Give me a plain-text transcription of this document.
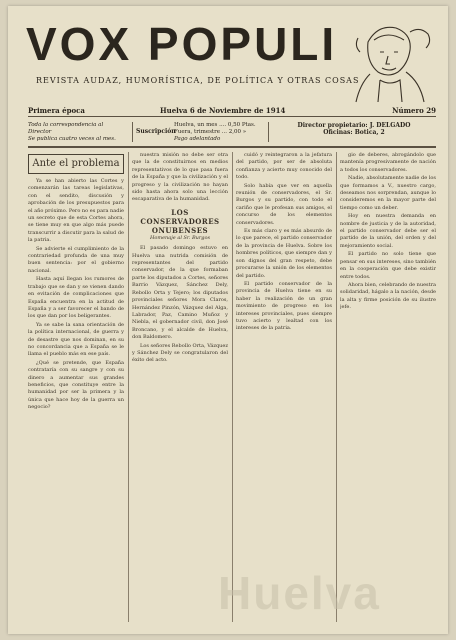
VOX POPULI
REVISTA AUDAZ, HUMORÍSTICA, DE POLÍTICA Y OTRAS COSAS
Primera época	Huelva 6 de Noviembre de 1914	Número 29
Toda la correspondencia al Director
Se publica cuatro veces al mes.
Suscripción
Huelva, un mes .... 0,50 Ptas.
Fuera, trimestre ... 2,00 »
Pago adelantado
Director propietario: J. DELGADO
Oficinas: Botica, 2
Ante el problema

Ya se han abierto las Cortes y comenzarán las tareas legislativas, con el sendito, discusión y aprobación de los presupuestos para el año próximo. Pero no es para nadie un secreto que de esta Cortes ahora, se tiene muy en que algo más puede transcurrir a discutir para la salud de la patria.

Se advierte el cumplimiento de la contrariedad profunda de una muy buen sentencia: por el gobierno nacional.

Hasta aquí llegan los rumores de trabajo que se dan y se vienen dando en evitación de complicaciones que España encuentra en la actitud de España y a ser favorecer el bando de los que dan por los beligerantes.

Ya se sabe la sana orientación de la política internacional, de guerra y de desastre que nos dominan, en su no concordancia que a España se le llama el pueblo más en ese país.

¿Qué se pretende, que España contrataría con su sangre y con su dinero a aumentar sus grandes beneficios, que constituye entre la humanidad por ser la primera y la única que hace hoy de la guerra un negocio?

nuestra misión no debe ser otra que la de constituirnos en medios representativos de lo que pasa fuera de la España y que la civilización y el progreso y la civilización no hayan sido hasta ahora solo una lección escaparativa de la humanidad.

LOS CONSERVADORES ONUBENSES
Homenaje al Sr. Burgos

El pasado domingo estuvo en Huelva una nutrida comisión de representantes del partido conservador, de la que formaban parte los diputados a Cortes, señores Barrio Vázquez, Sánchez Dely, Rebollo Orta y Tejero; los diputados provinciales señores Mora Claros, Hernández Pinzón, Vázquez del Alga, Labrador, Paz, Camino Muñoz y Niebla, el gobernador civil, don José Broncano, y el alcalde de Huelva, don Baldomero.

Los señores Rebollo Orta, Vázquez y Sánchez Dely se congratularon del éxito del acto.

cuidó y reintegraron a la jefatura del partido, por ser de absoluta confianza y acierto muy conocido del todo.

Solo había que ver en aquella reunión de conservadores, el Sr. Burgos y su partido, con todo el cariño que le profesan sus amigos, el concurso de los elementos conservadores.

Es más claro y es más absurdo de lo que parece, el partido conservador de la provincia de Huelva. Sobre los hombres políticos, que siempre dan y son dignos del gran respeto, debe procurarse la unión de los elementos del partido.

El partido conservador de la provincia de Huelva tiene en su haber la realización de un gran movimiento de progreso en los intereses provinciales, pues siempre tuvo acierto y lealtad con los intereses de la patria.

gio de deberes, abrogándolo que mantenía progresivamente de nación a todos los conservadores.

Nadie, absolutamente nadie de los que formamos a V., nuestro cargo, deseamos nos sorprendan, aunque lo consideremos en la mayor parte del tiempo como un deber.

Hoy en nuestra demanda en nombre de justicia y de la autoridad, el partido conservador debe ser el partido de la unión, del orden y del mejoramiento social.

El partido no solo tiene que pensar en sus intereses, sino también en la cooperación que debe existir entre todos.

Ahora bien, celebrando de nuestra solidaridad, hágalo a la nación, desde la alta y firme posición de su ilustre jefe.

Huelva
